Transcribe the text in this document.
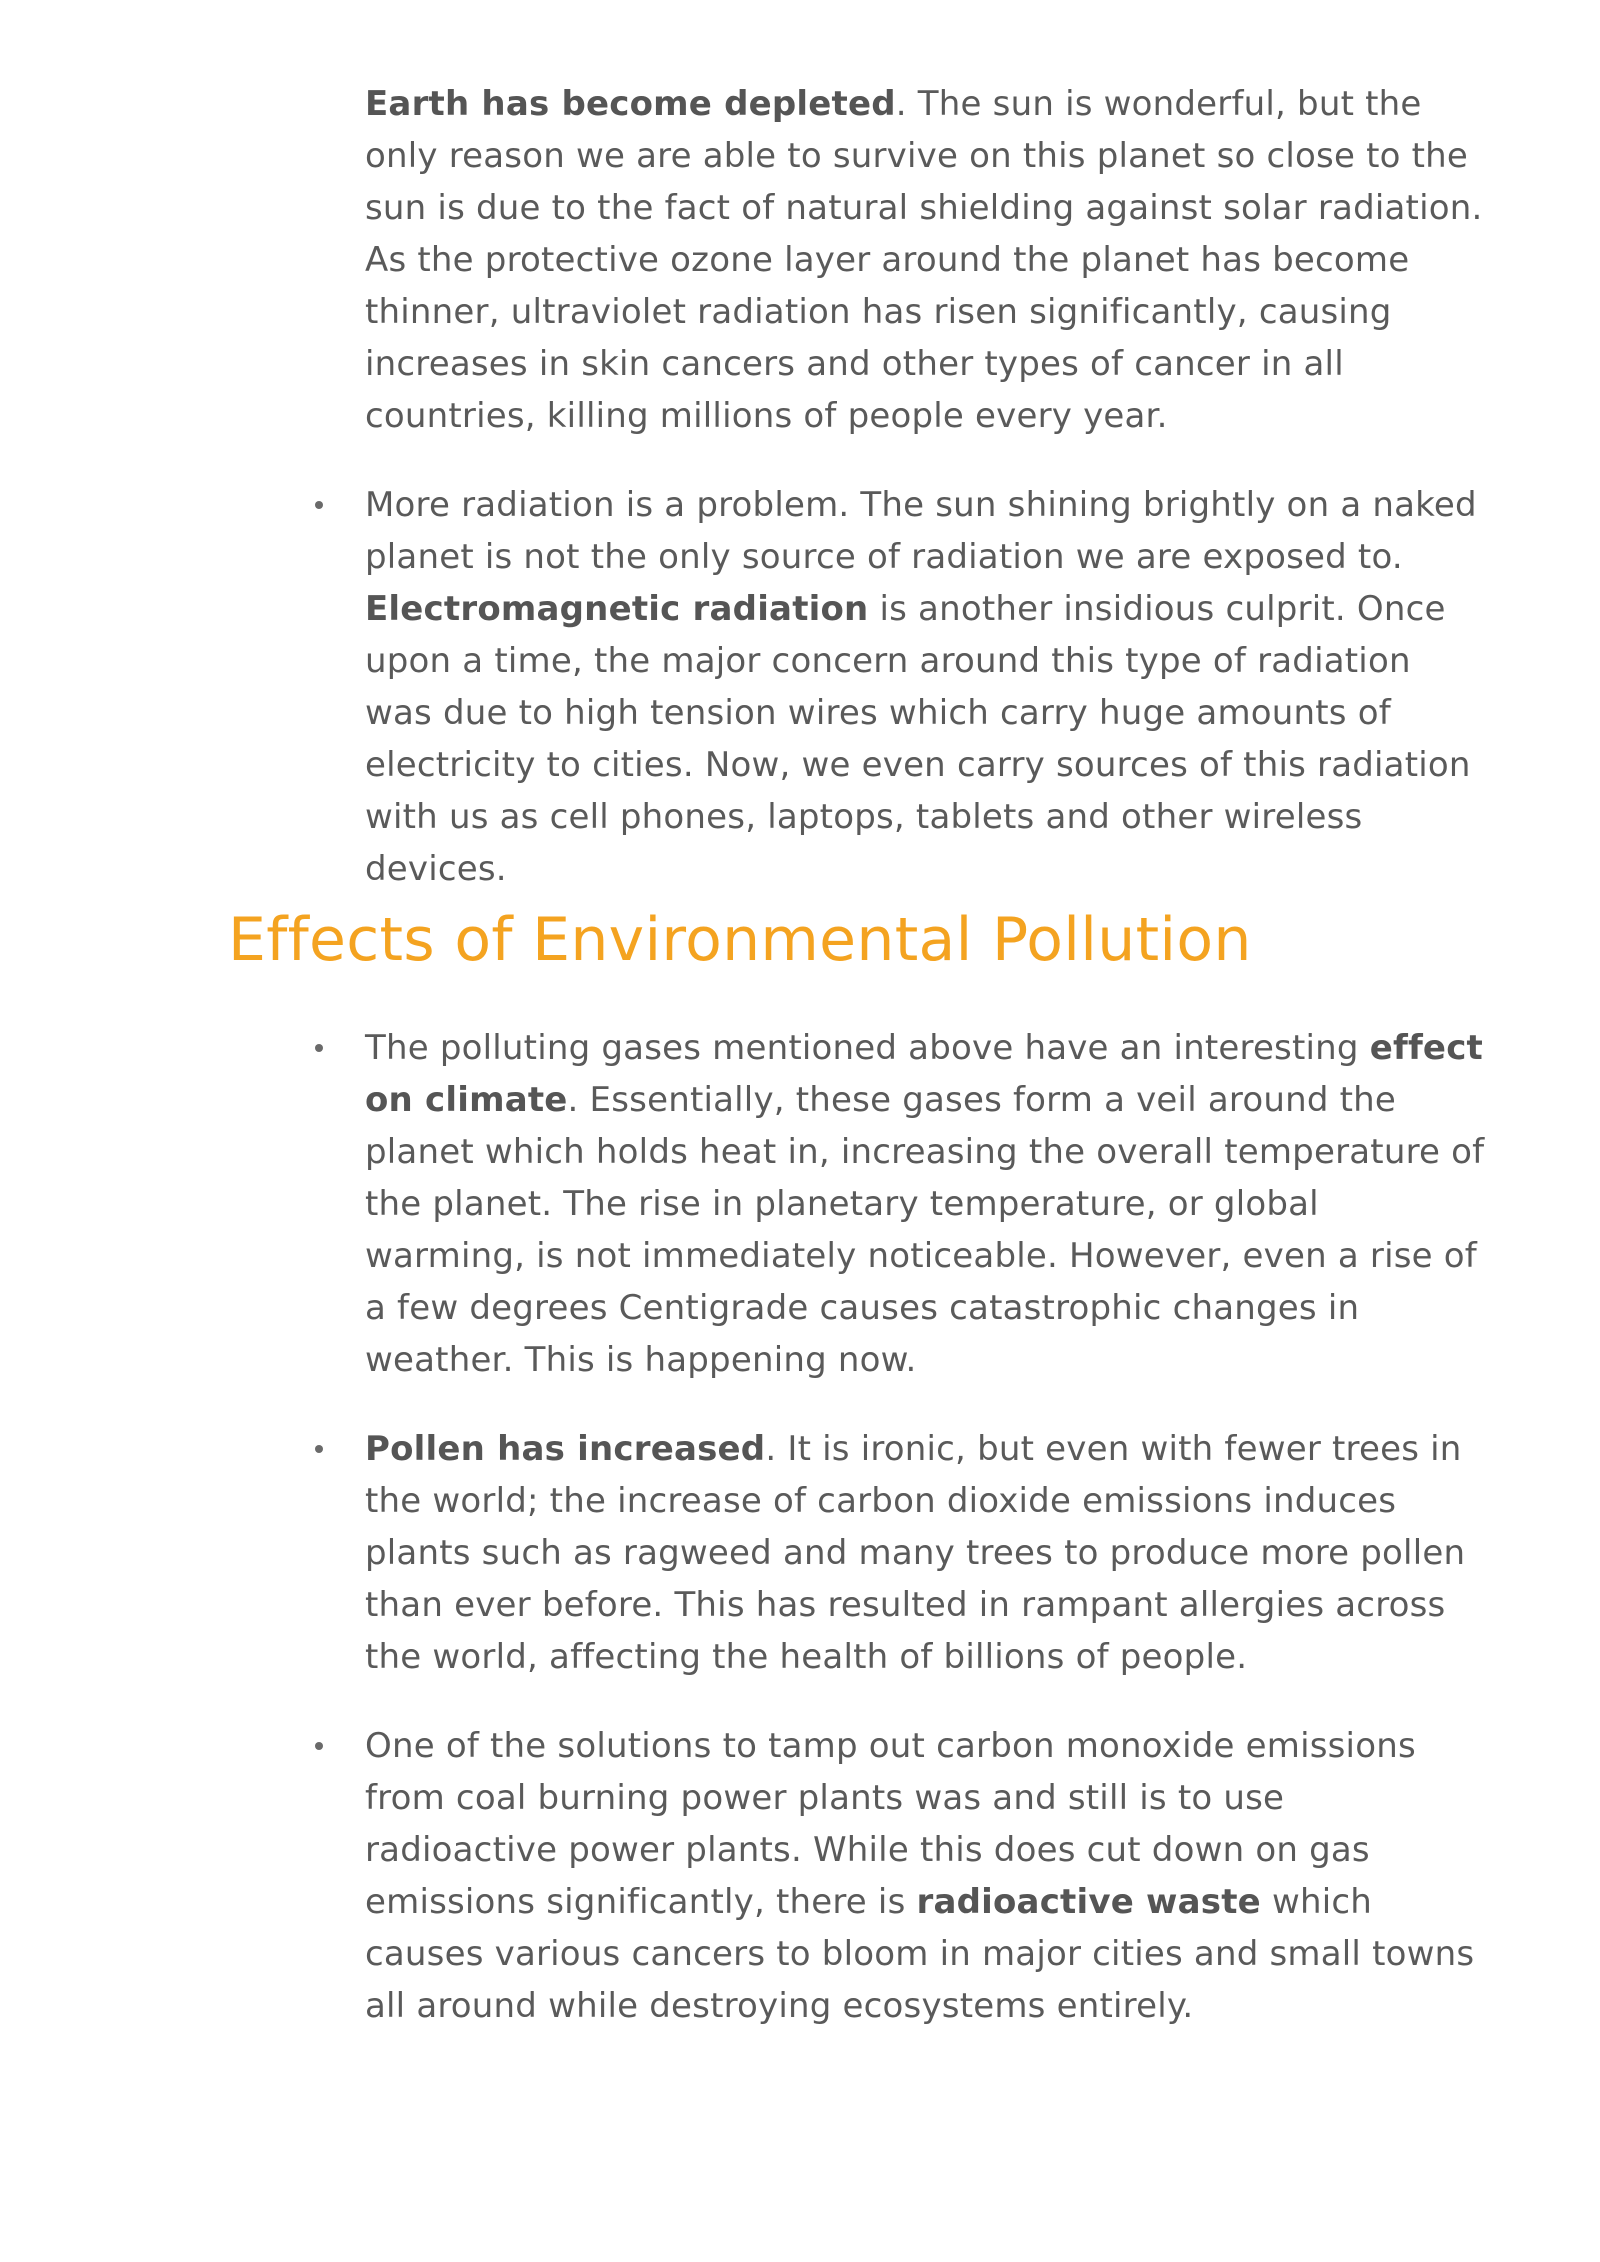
Earth has become depleted. The sun is wonderful, but the only reason we are able to survive on this planet so close to the sun is due to the fact of natural shielding against solar radiation. As the protective ozone layer around the planet has become thinner, ultraviolet radiation has risen significantly, causing increases in skin cancers and other types of cancer in all countries, killing millions of people every year.

More radiation is a problem. The sun shining brightly on a naked planet is not the only source of radiation we are exposed to. Electromagnetic radiation is another insidious culprit. Once upon a time, the major concern around this type of radiation was due to high tension wires which carry huge amounts of electricity to cities. Now, we even carry sources of this radiation with us as cell phones, laptops, tablets and other wireless devices.

Effects of Environmental Pollution

The polluting gases mentioned above have an interesting effect on climate. Essentially, these gases form a veil around the planet which holds heat in, increasing the overall temperature of the planet. The rise in planetary temperature, or global warming, is not immediately noticeable. However, even a rise of a few degrees Centigrade causes catastrophic changes in weather. This is happening now.

Pollen has increased. It is ironic, but even with fewer trees in the world; the increase of carbon dioxide emissions induces plants such as ragweed and many trees to produce more pollen than ever before. This has resulted in rampant allergies across the world, affecting the health of billions of people.

One of the solutions to tamp out carbon monoxide emissions from coal burning power plants was and still is to use radioactive power plants. While this does cut down on gas emissions significantly, there is radioactive waste which causes various cancers to bloom in major cities and small towns all around while destroying ecosystems entirely.
